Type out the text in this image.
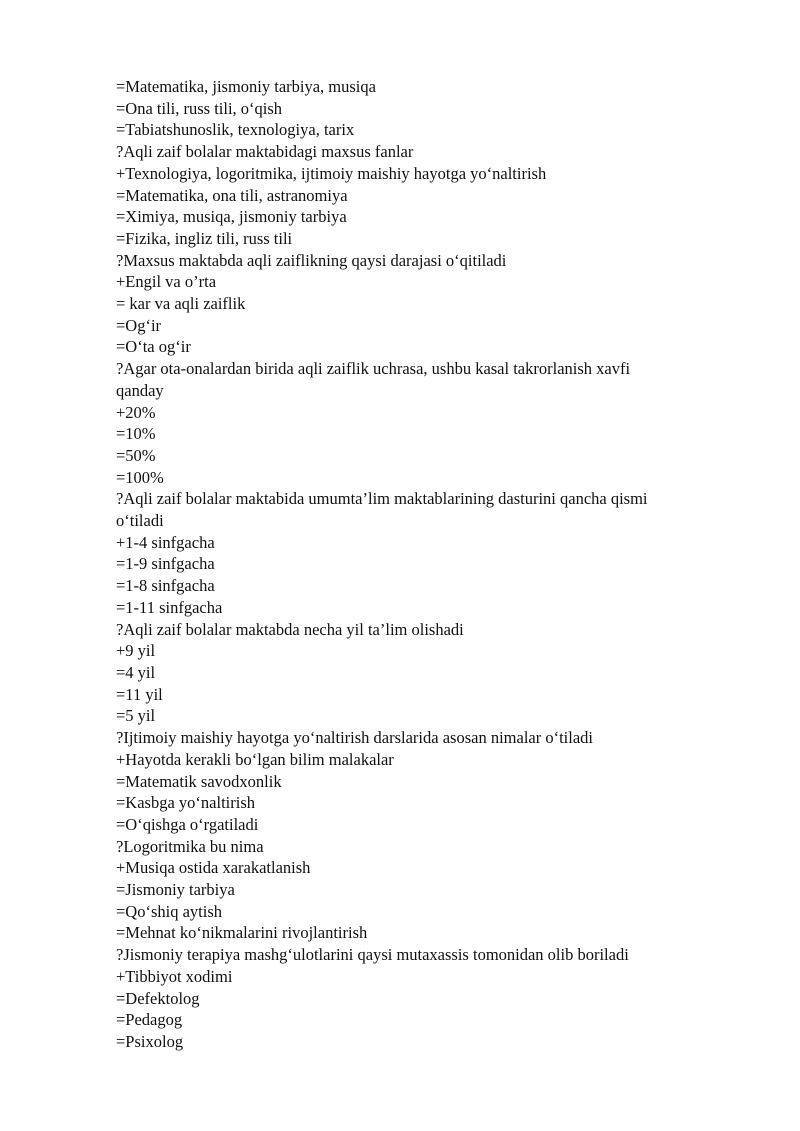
=Matematika, jismoniy tarbiya, musiqa
=Ona tili, russ tili, o‘qish
=Tabiatshunoslik, texnologiya, tarix
?Aqli zaif bolalar maktabidagi maxsus fanlar
+Texnologiya, logoritmika, ijtimoiy maishiy hayotga yo‘naltirish
=Matematika, ona tili, astranomiya
=Ximiya, musiqa, jismoniy tarbiya
=Fizika, ingliz tili, russ tili
?Maxsus maktabda aqli zaiflikning qaysi darajasi o‘qitiladi
+Engil va o’rta
= kar va aqli zaiflik
=Og‘ir
=O‘ta og‘ir
?Agar ota-onalardan birida aqli zaiflik uchrasa, ushbu kasal takrorlanish xavfi
qanday
+20%
=10%
=50%
=100%
?Aqli zaif bolalar maktabida umumta’lim maktablarining dasturini qancha qismi
o‘tiladi
+1-4 sinfgacha
=1-9 sinfgacha
=1-8 sinfgacha
=1-11 sinfgacha
?Aqli zaif bolalar maktabda necha yil ta’lim olishadi
+9 yil
=4 yil
=11 yil
=5 yil
?Ijtimoiy maishiy hayotga yo‘naltirish darslarida asosan nimalar o‘tiladi
+Hayotda kerakli bo‘lgan bilim malakalar
=Matematik savodxonlik
=Kasbga yo‘naltirish
=O‘qishga o‘rgatiladi
?Logoritmika bu nima
+Musiqa ostida xarakatlanish
=Jismoniy tarbiya
=Qo‘shiq aytish
=Mehnat ko‘nikmalarini rivojlantirish
?Jismoniy terapiya mashg‘ulotlarini qaysi mutaxassis tomonidan olib boriladi
+Tibbiyot xodimi
=Defektolog
=Pedagog
=Psixolog
